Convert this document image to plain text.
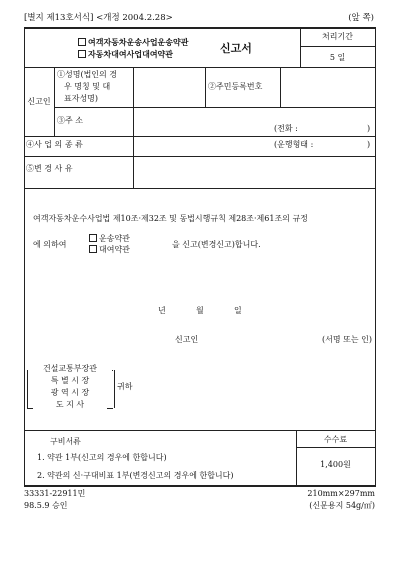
[별지 제13호서식] <개정 2004.2.28>	(앞 쪽)
처리기간
5 일
여객자동차운송사업운송약관
자동차대여사업대여약관	신고서
신고인
①성명(법인의 경
우 명칭 및 대
표자성명)
②주민등록번호
③주 소
(전화 :	)
④사 업 의 종 류	(운행형태 :	)
⑤변 경 사 유
여객자동차운수사업법 제10조·제32조 및 동법시행규칙 제28조·제61조의 규정
에 의하여
운송약관
대여약관
을 신고(변경신고)합니다.
년	월	일
신고인	(서명 또는 인)
건설교통부장관
특 별 시 장
광 역 시 장
도 지 사
귀하
구비서류
1. 약관 1부(신고의 경우에 한합니다)
2. 약관의 신·구대비표 1부(변경신고의 경우에 한합니다)
수수료
1,400원
33331-22911민
98.5.9 승인
210mm×297mm
(신문용지 54g/㎡)
